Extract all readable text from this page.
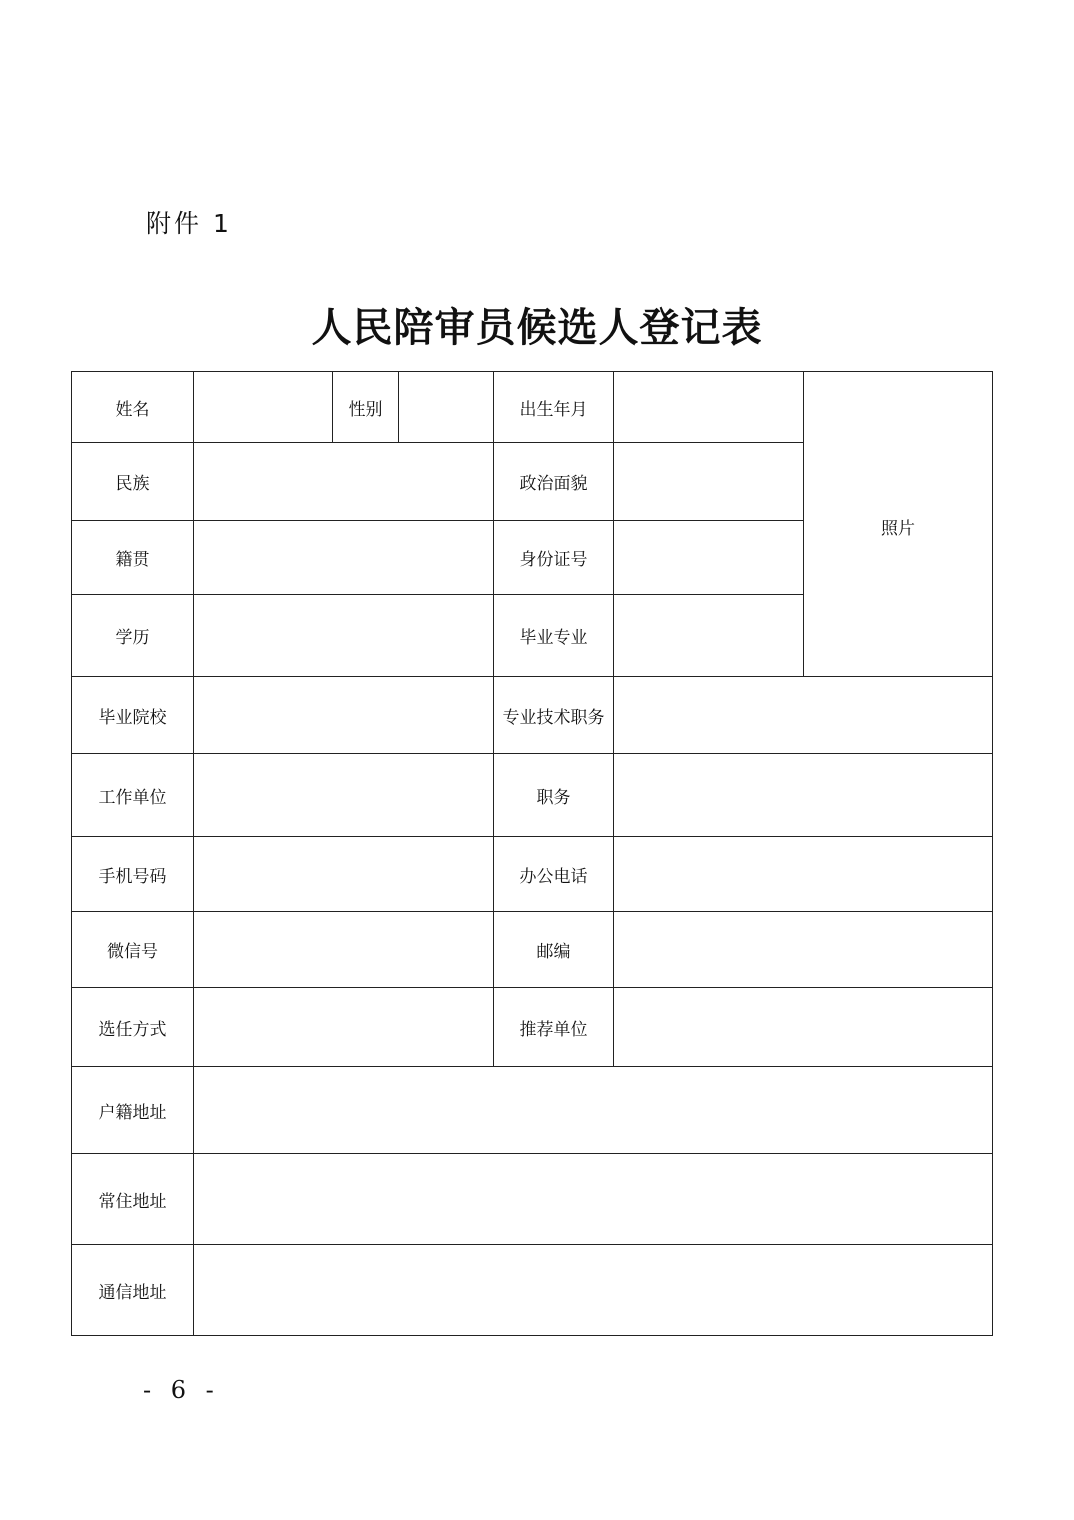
附件 1
人民陪审员候选人登记表
姓名		性别		出生年月		照片
民族				政治面貌		
籍贯				身份证号		
学历				毕业专业		
毕业院校				专业技术职务		
工作单位				职务		
手机号码				办公电话		
微信号				邮编		
选任方式				推荐单位		
户籍地址						
常住地址						
通信地址						
- 6 -
